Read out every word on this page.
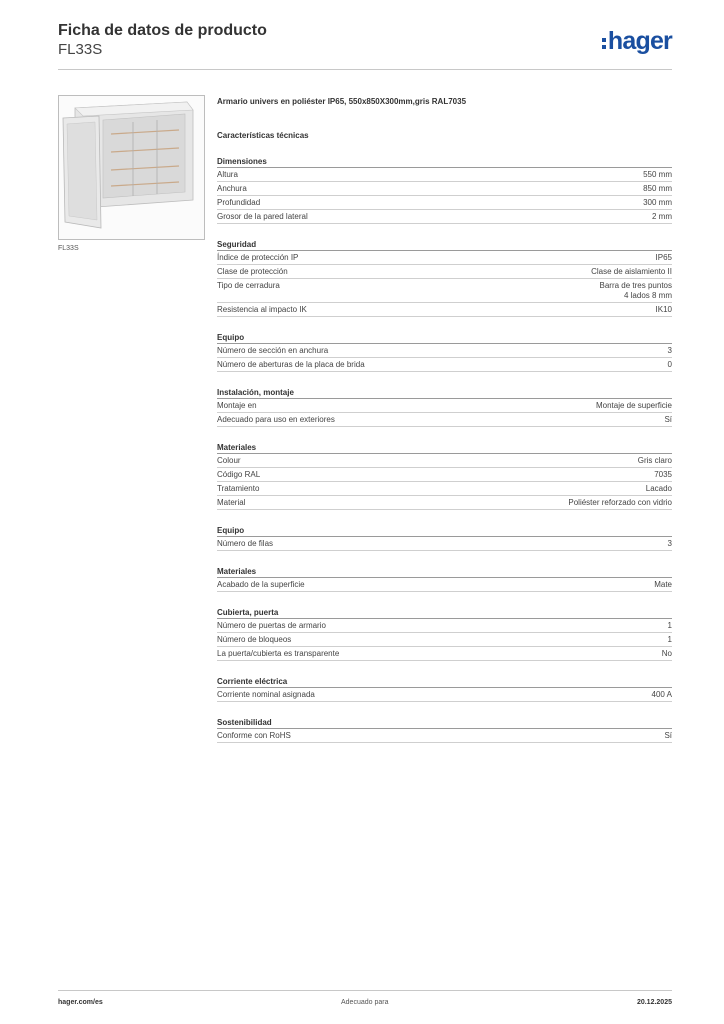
Ficha de datos de producto
FL33S	hager
FL33S
Armario univers en poliéster IP65, 550x850X300mm,gris RAL7035
Características técnicas
Dimensiones
Altura	550 mm
Anchura	850 mm
Profundidad	300 mm
Grosor de la pared lateral	2 mm
Seguridad
Índice de protección IP	IP65
Clase de protección	Clase de aislamiento II
Tipo de cerradura	Barra de tres puntos
4 lados 8 mm
Resistencia al impacto IK	IK10
Equipo
Número de sección en anchura	3
Número de aberturas de la placa de brida	0
Instalación, montaje
Montaje en	Montaje de superficie
Adecuado para uso en exteriores	Sí
Materiales
Colour	Gris claro
Código RAL	7035
Tratamiento	Lacado
Material	Poliéster reforzado con vidrio
Equipo
Número de filas	3
Materiales
Acabado de la superficie	Mate
Cubierta, puerta
Número de puertas de armario	1
Número de bloqueos	1
La puerta/cubierta es transparente	No
Corriente eléctrica
Corriente nominal asignada	400 A
Sostenibilidad
Conforme con RoHS	Sí
hager.com/es	Adecuado para	20.12.2025
